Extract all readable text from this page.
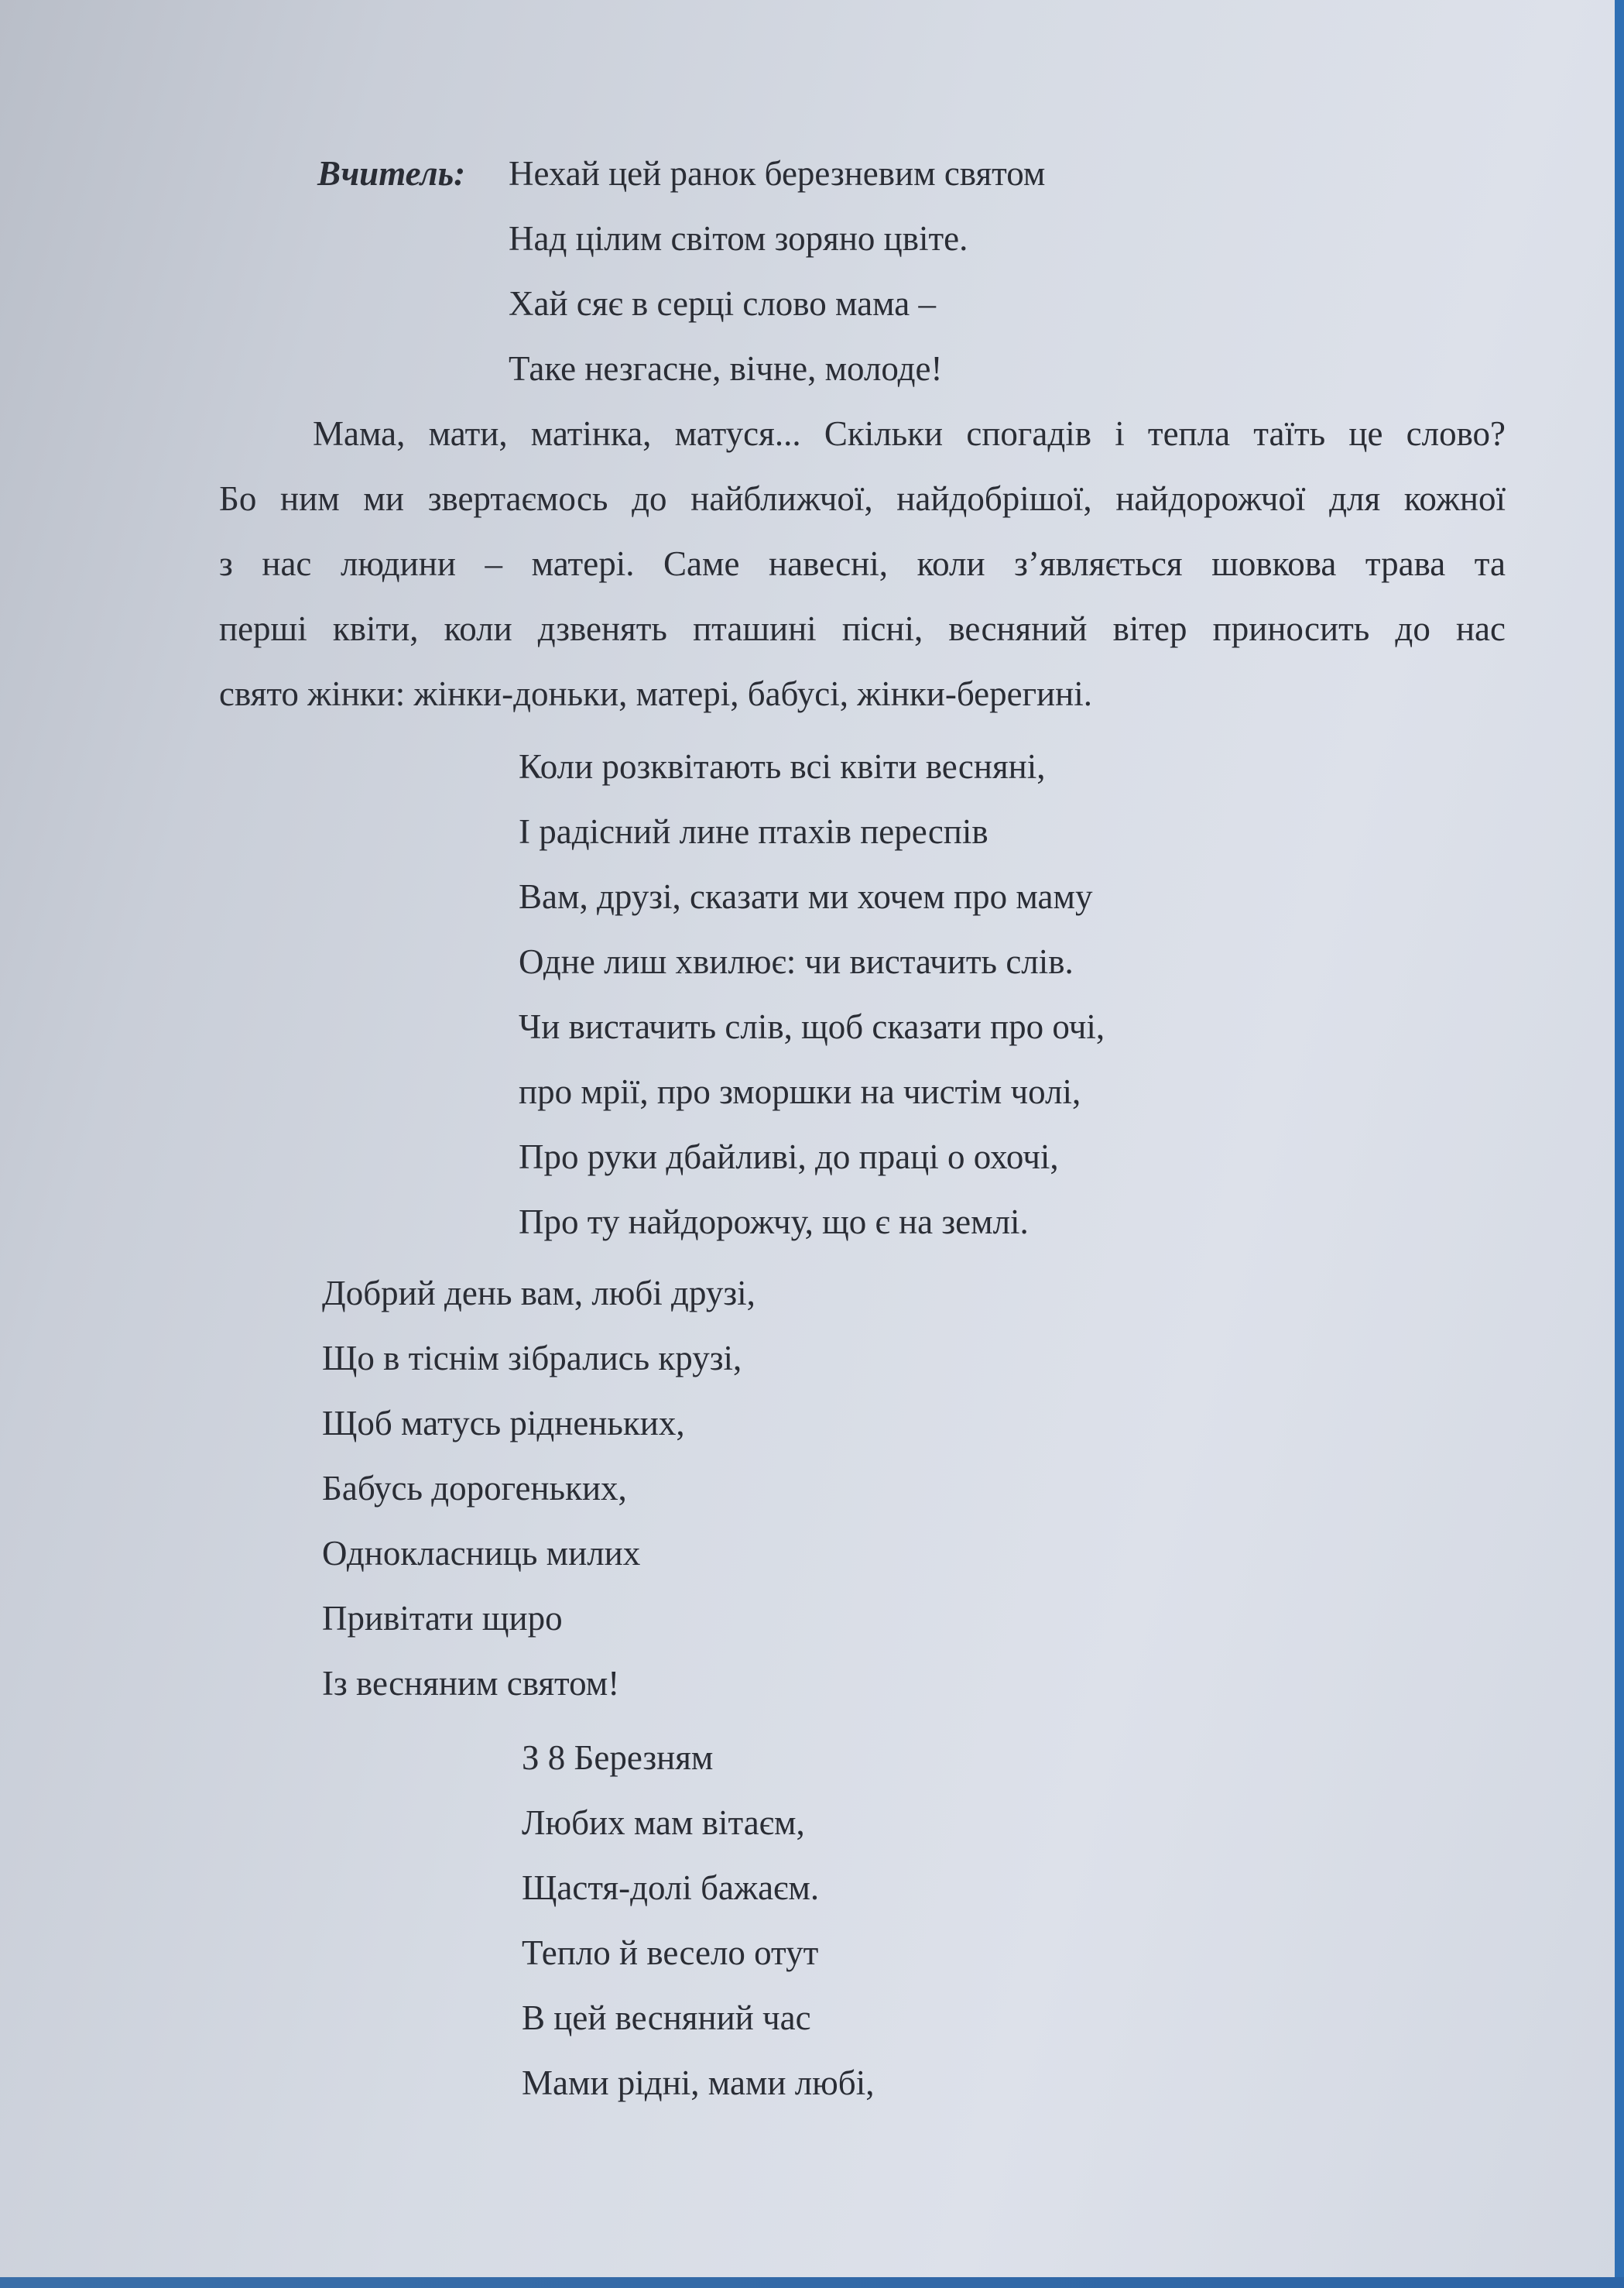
Вчитель: Нехай цей ранок березневим святом
Над цілим світом зоряно цвіте.
Хай сяє в серці слово мама –
Таке незгасне, вічне, молоде!
Мама, мати, матінка, матуся... Скільки спогадів і тепла таїть це слово?
Бо ним ми звертаємось до найближчої, найдобрішої, найдорожчої для кожної
з нас людини – матері. Саме навесні, коли з’являється шовкова трава та
перші квіти, коли дзвенять пташині пісні, весняний вітер приносить до нас
свято жінки: жінки-доньки, матері, бабусі, жінки-берегині.
Коли розквітають всі квіти весняні,
І радісний лине птахів переспів
Вам, друзі, сказати ми хочем про маму
Одне лиш хвилює: чи вистачить слів.
Чи вистачить слів, щоб сказати про очі,
про мрії, про зморшки на чистім чолі,
Про руки дбайливі, до праці о охочі,
Про ту найдорожчу, що є на землі.
Добрий день вам, любі друзі,
Що в тіснім зібрались крузі,
Щоб матусь рідненьких,
Бабусь дорогеньких,
Однокласниць милих
Привітати щиро
Із весняним святом!
З 8 Березням
Любих мам вітаєм,
Щастя-долі бажаєм.
Тепло й весело отут
В цей весняний час
Мами рідні, мами любі,
